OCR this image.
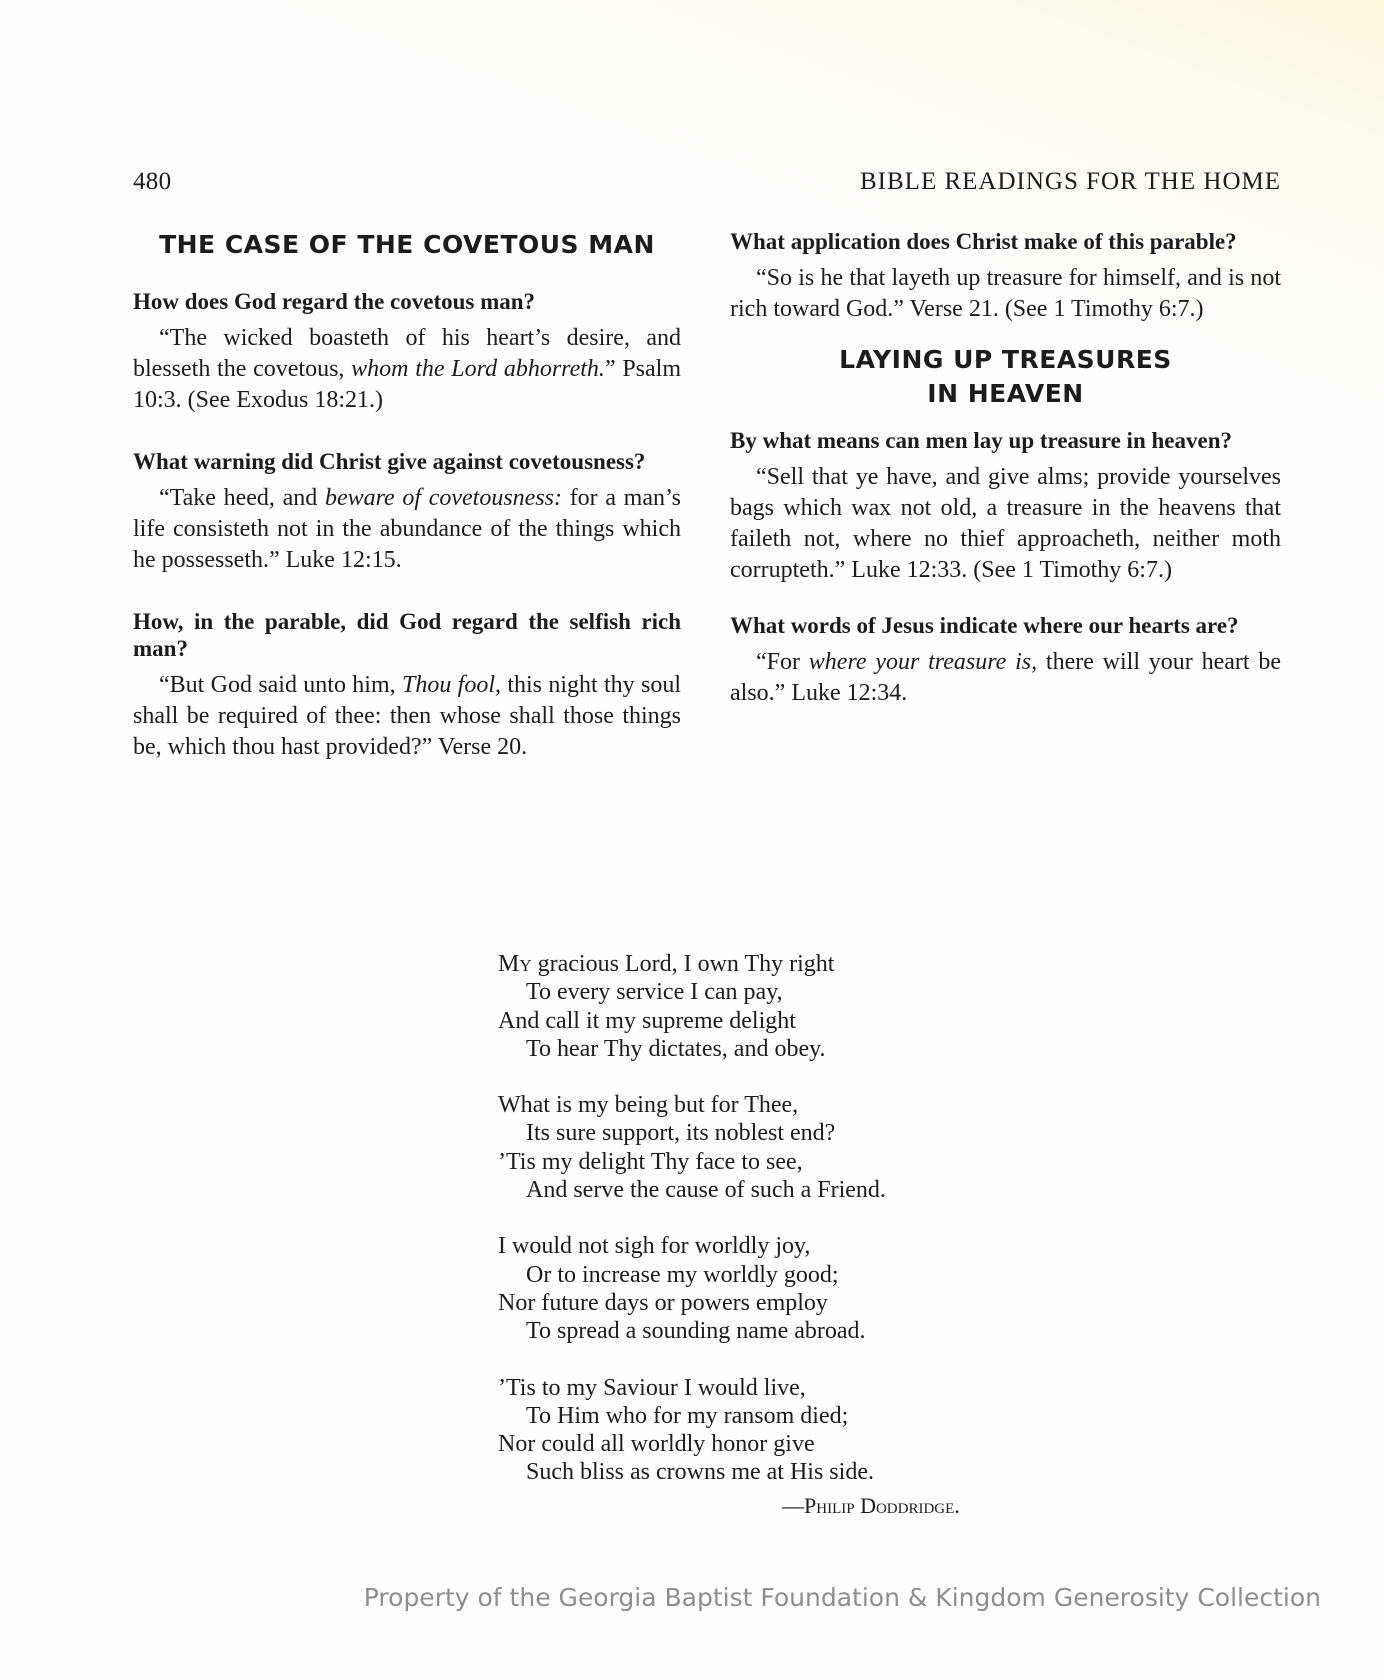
480	BIBLE READINGS FOR THE HOME
THE CASE OF THE COVETOUS MAN
How does God regard the covetous man?
“The wicked boasteth of his heart’s desire, and blesseth the covetous, whom the Lord abhorreth.” Psalm 10:3. (See Exodus 18:21.)
What warning did Christ give against covetousness?
“Take heed, and beware of covetousness: for a man’s life consisteth not in the abundance of the things which he possesseth.” Luke 12:15.
How, in the parable, did God regard the selfish rich man?
“But God said unto him, Thou fool, this night thy soul shall be required of thee: then whose shall those things be, which thou hast provided?” Verse 20.
What application does Christ make of this parable?
“So is he that layeth up treasure for himself, and is not rich toward God.” Verse 21. (See 1 Timothy 6:7.)
LAYING UP TREASURES
IN HEAVEN
By what means can men lay up treasure in heaven?
“Sell that ye have, and give alms; provide yourselves bags which wax not old, a treasure in the heavens that faileth not, where no thief approacheth, neither moth corrupteth.” Luke 12:33. (See 1 Timothy 6:7.)
What words of Jesus indicate where our hearts are?
“For where your treasure is, there will your heart be also.” Luke 12:34.
My gracious Lord, I own Thy right
To every service I can pay,
And call it my supreme delight
To hear Thy dictates, and obey.
What is my being but for Thee,
Its sure support, its noblest end?
’Tis my delight Thy face to see,
And serve the cause of such a Friend.
I would not sigh for worldly joy,
Or to increase my worldly good;
Nor future days or powers employ
To spread a sounding name abroad.
’Tis to my Saviour I would live,
To Him who for my ransom died;
Nor could all worldly honor give
Such bliss as crowns me at His side.
—Philip Doddridge.
Property of the Georgia Baptist Foundation & Kingdom Generosity Collection
